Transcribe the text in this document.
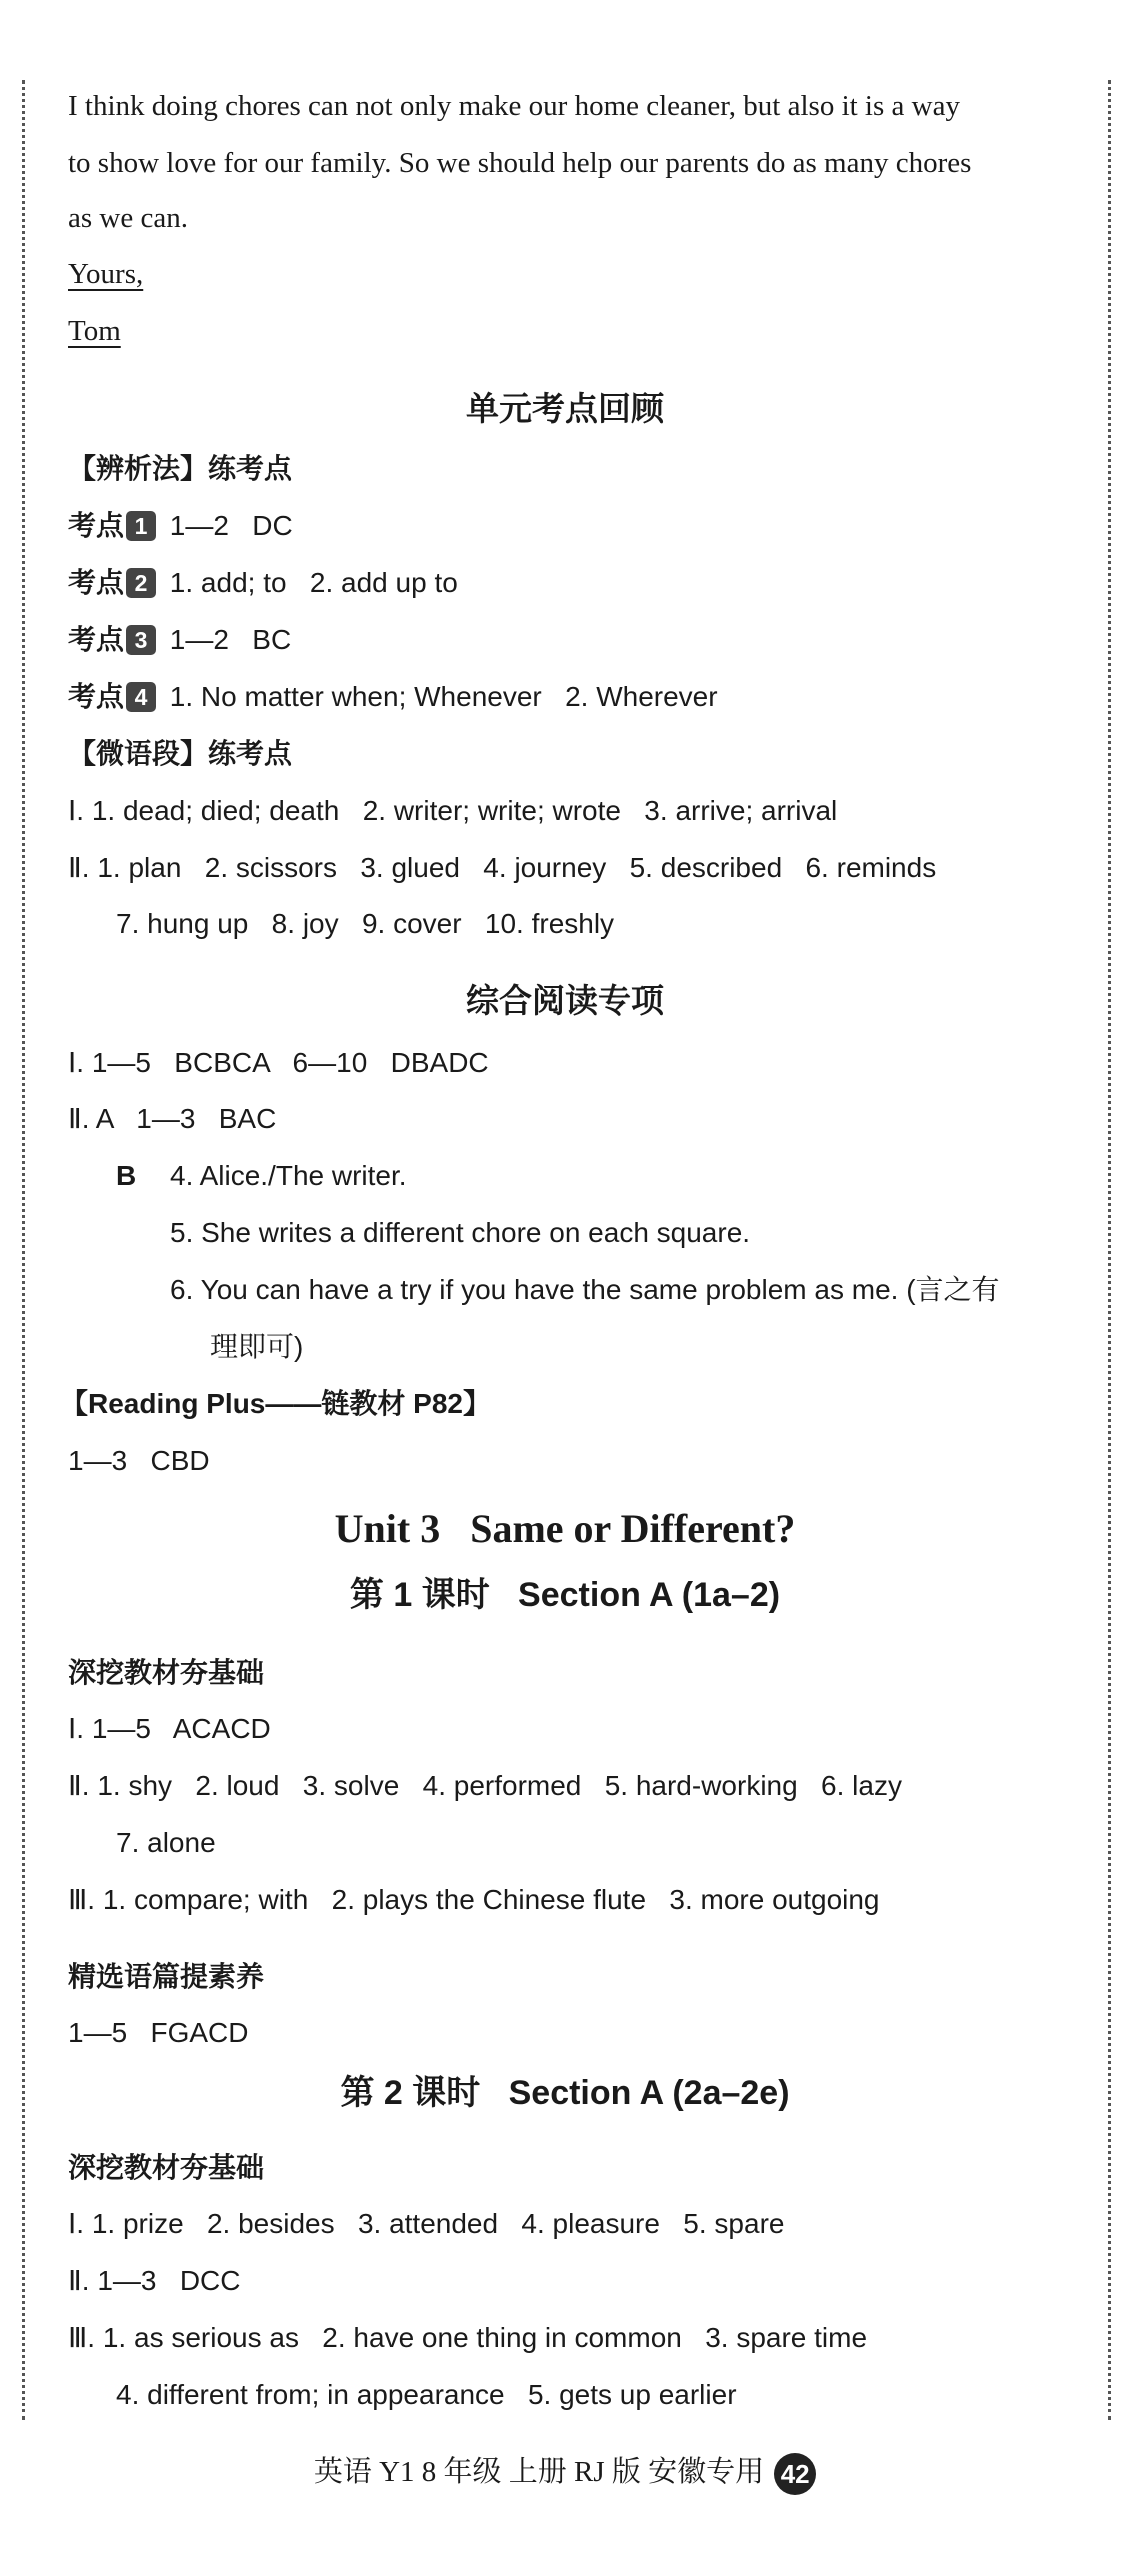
I think doing chores can not only make our home cleaner, but also it is a way
to show love for our family. So we should help our parents do as many chores
as we can.
Yours,
Tom
单元考点回顾
【辨析法】练考点
考点 1 1—2   DC
考点 2 1. add; to   2. add up to
考点 3 1—2   BC
考点 4 1. No matter when; Whenever   2. Wherever
【微语段】练考点
Ⅰ. 1. dead; died; death   2. writer; write; wrote   3. arrive; arrival
Ⅱ. 1. plan   2. scissors   3. glued   4. journey   5. described   6. reminds
7. hung up   8. joy   9. cover   10. freshly
综合阅读专项
Ⅰ. 1—5   BCBCA   6—10   DBADC
Ⅱ. A   1—3   BAC
B 4. Alice./The writer.
5. She writes a different chore on each square.
6. You can have a try if you have the same problem as me. (言之有
理即可)
【Reading Plus——链教材 P82】
1—3   CBD
Unit 3   Same or Different?
第 1 课时   Section A (1a–2)
深挖教材夯基础
Ⅰ. 1—5   ACACD
Ⅱ. 1. shy   2. loud   3. solve   4. performed   5. hard-working   6. lazy
7. alone
Ⅲ. 1. compare; with   2. plays the Chinese flute   3. more outgoing
精选语篇提素养
1—5   FGACD
第 2 课时   Section A (2a–2e)
深挖教材夯基础
Ⅰ. 1. prize   2. besides   3. attended   4. pleasure   5. spare
Ⅱ. 1—3   DCC
Ⅲ. 1. as serious as   2. have one thing in common   3. spare time
4. different from; in appearance   5. gets up earlier
英语 Y1 8 年级 上册 RJ 版 安徽专用 42
